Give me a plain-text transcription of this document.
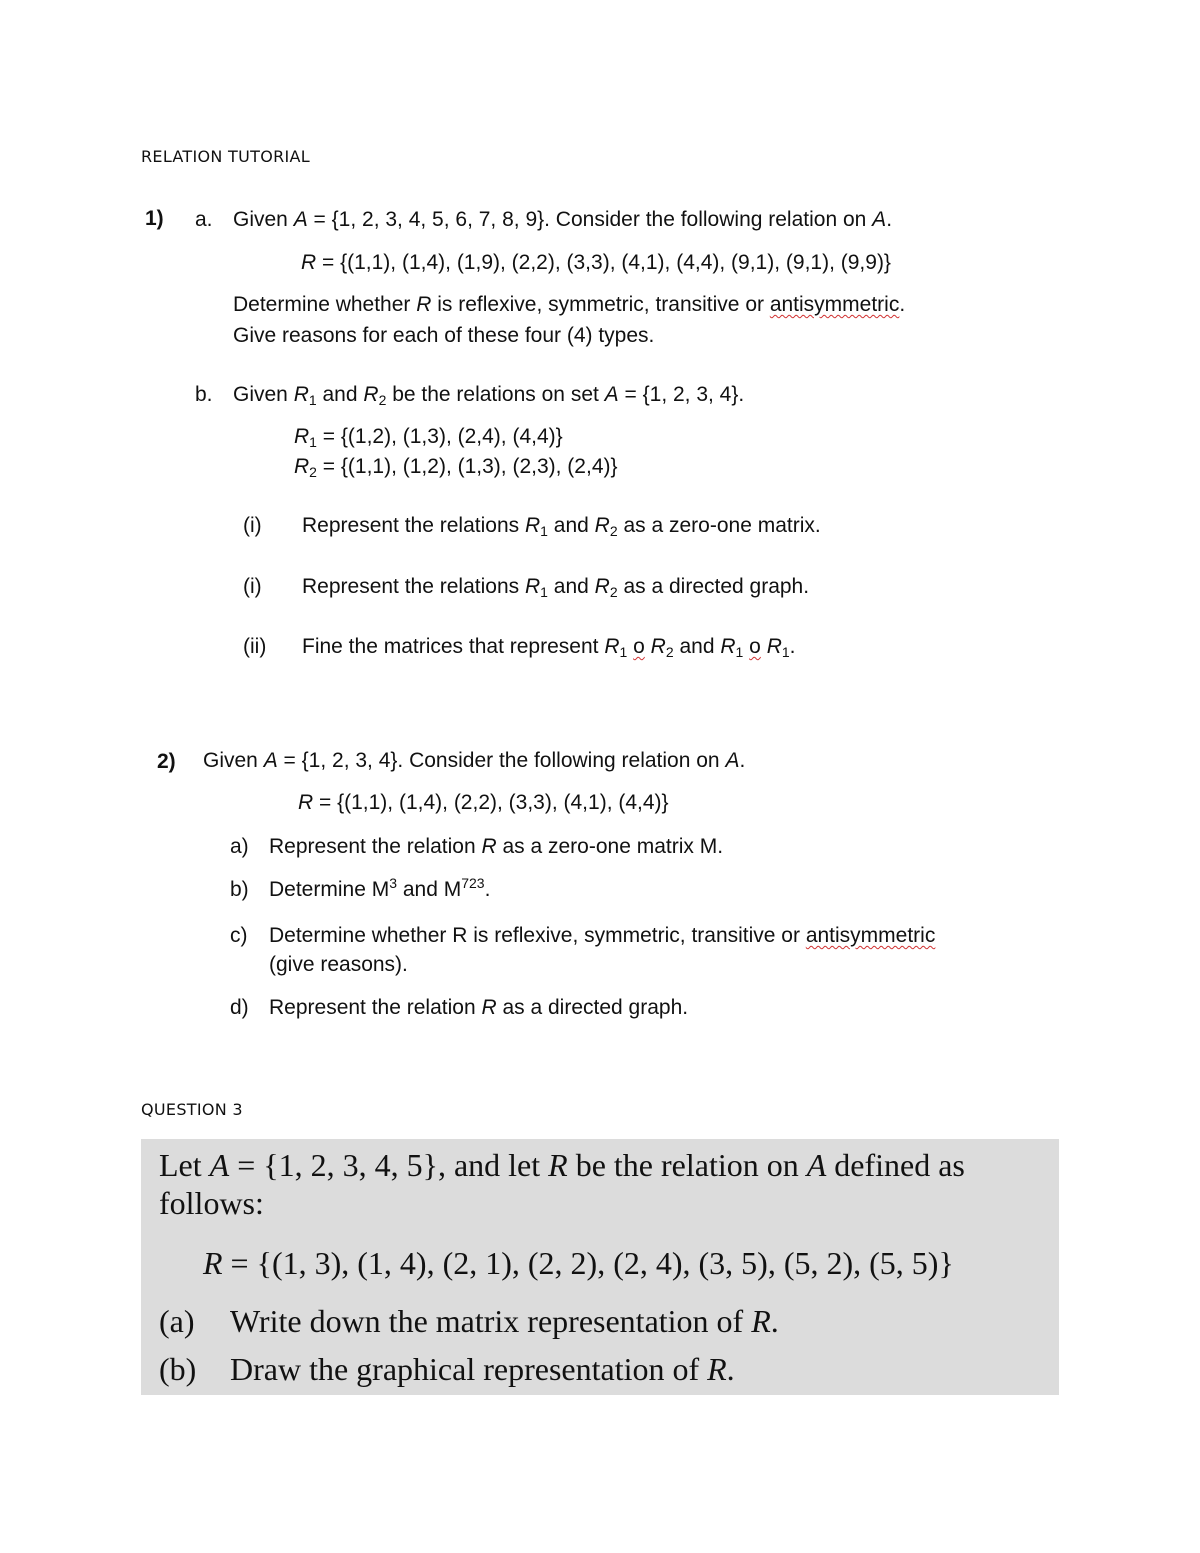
RELATION TUTORIAL
1) a. Given A = {1, 2, 3, 4, 5, 6, 7, 8, 9}. Consider the following relation on A.
R = {(1,1), (1,4), (1,9), (2,2), (3,3), (4,1), (4,4), (9,1), (9,1), (9,9)}
Determine whether R is reflexive, symmetric, transitive or antisymmetric.
Give reasons for each of these four (4) types.
b. Given $R_1$ and $R_2$ be the relations on set A = {1, 2, 3, 4}.
$R_1 = \{(1,2)$, (1,3), (2,4), (4,4)}
$R_2 = \{(1,1)$, (1,2), (1,3), (2,3), (2,4)}
(i) Represent the relations $R_1$ and $R_2$ as a zero-one matrix.
(i) Represent the relations $R_1$ and $R_2$ as a directed graph.
(ii) Fine the matrices that represent $R_1$ o $R_2$ and $R_1$ o $R_1$.
2) Given A = {1, 2, 3, 4}. Consider the following relation on A.
R = {(1,1), (1,4), (2,2), (3,3), (4,1), (4,4)}
a) Represent the relation R as a zero-one matrix M.
b) Determine $M^3$ and $M^{723}$.
c) Determine whether R is reflexive, symmetric, transitive or antisymmetric
(give reasons).
d) Represent the relation R as a directed graph.
QUESTION 3
Let A = {1, 2, 3, 4, 5}, and let R be the relation on A defined as
follows:
R = {(1, 3), (1, 4), (2, 1), (2, 2), (2, 4), (3, 5), (5, 2), (5, 5)}
(a) Write down the matrix representation of R.
(b) Draw the graphical representation of R.
